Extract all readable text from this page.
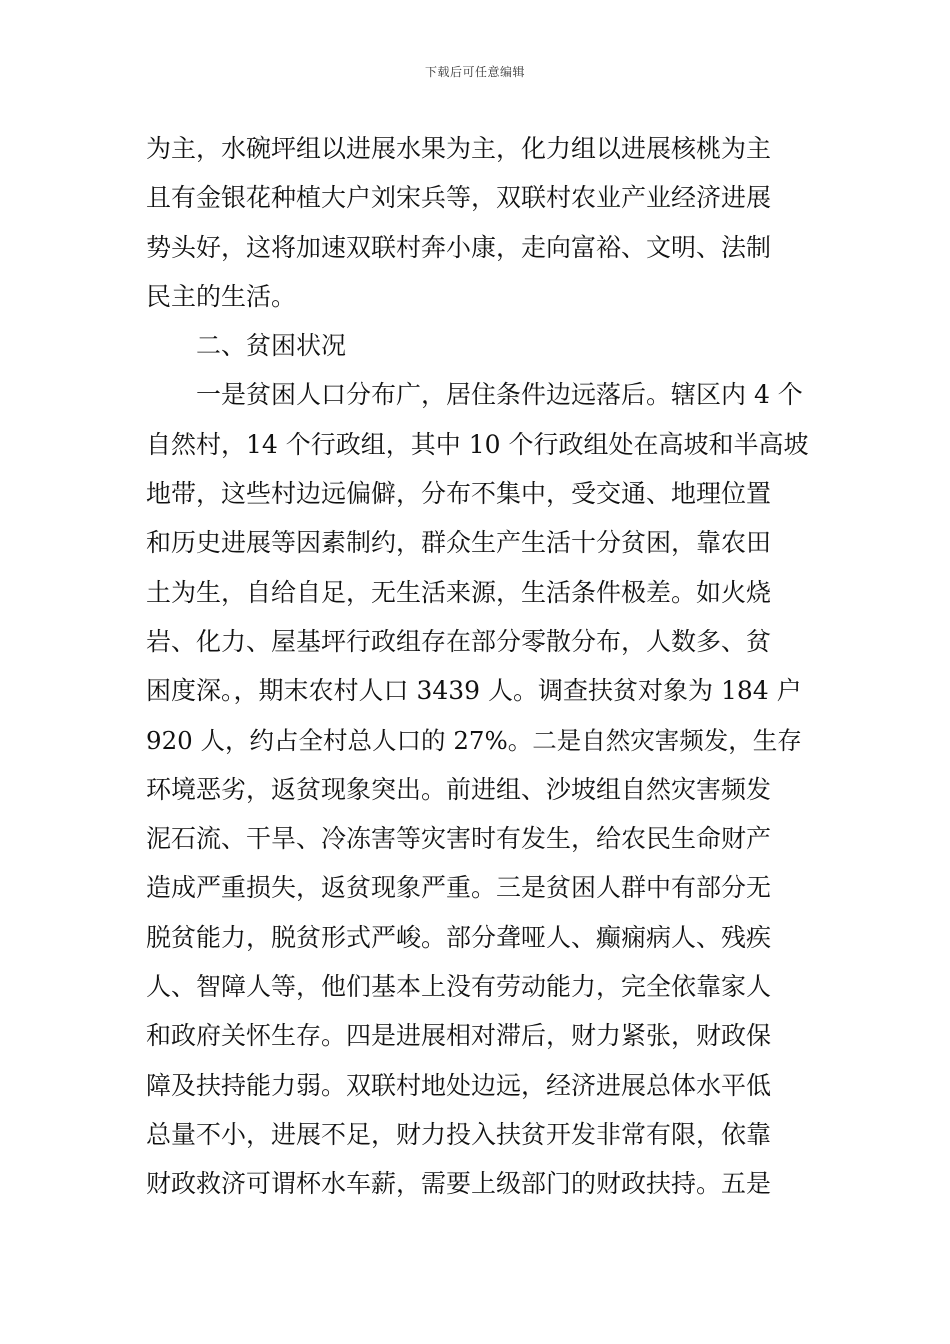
下载后可任意编辑
为主，水碗坪组以进展水果为主，化力组以进展核桃为主
且有金银花种植大户刘宋兵等，双联村农业产业经济进展
势头好，这将加速双联村奔小康，走向富裕、文明、法制
民主的生活。
二、贫困状况
一是贫困人口分布广，居住条件边远落后。辖区内 4 个
自然村，14 个行政组，其中 10 个行政组处在高坡和半高坡
地带，这些村边远偏僻，分布不集中，受交通、地理位置
和历史进展等因素制约，群众生产生活十分贫困，靠农田
土为生，自给自足，无生活来源，生活条件极差。如火烧
岩、化力、屋基坪行政组存在部分零散分布，人数多、贫
困度深。，期末农村人口 3439 人。调查扶贫对象为 184 户
920 人，约占全村总人口的 27%。二是自然灾害频发，生存
环境恶劣，返贫现象突出。前进组、沙坡组自然灾害频发
泥石流、干旱、冷冻害等灾害时有发生，给农民生命财产
造成严重损失，返贫现象严重。三是贫困人群中有部分无
脱贫能力，脱贫形式严峻。部分聋哑人、癫痫病人、残疾
人、智障人等，他们基本上没有劳动能力，完全依靠家人
和政府关怀生存。四是进展相对滞后，财力紧张，财政保
障及扶持能力弱。双联村地处边远，经济进展总体水平低
总量不小，进展不足，财力投入扶贫开发非常有限，依靠
财政救济可谓杯水车薪，需要上级部门的财政扶持。五是
